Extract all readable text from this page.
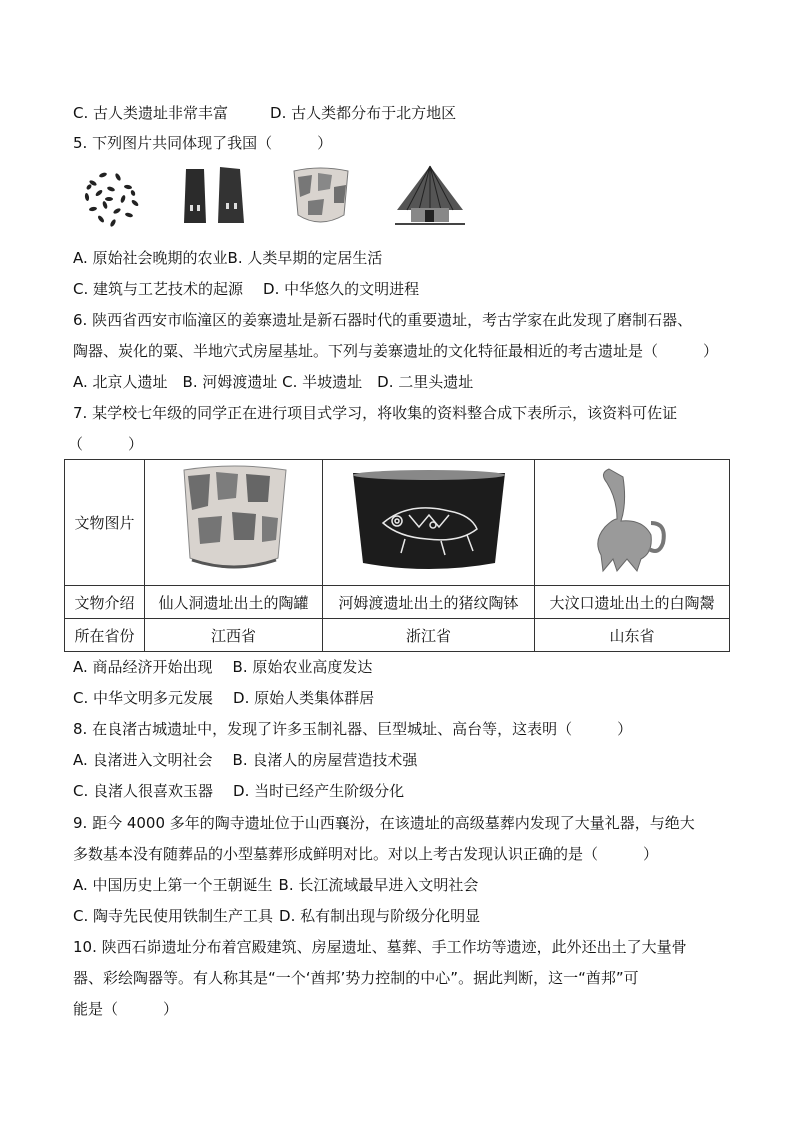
C. 古人类遗址非常丰富	D. 古人类都分布于北方地区
5. 下列图片共同体现了我国（　　　）
A. 原始社会晚期的农业B. 人类早期的定居生活
C. 建筑与工艺技术的起源 D. 中华悠久的文明进程
6. 陕西省西安市临潼区的姜寨遗址是新石器时代的重要遗址，考古学家在此发现了磨制石器、
陶器、炭化的粟、半地穴式房屋基址。下列与姜寨遗址的文化特征最相近的考古遗址是（　　　）
A. 北京人遗址　B. 河姆渡遗址 C. 半坡遗址　D. 二里头遗址
7. 某学校七年级的同学正在进行项目式学习，将收集的资料整合成下表所示，该资料可佐证
（　　　）
文物图片			
文物介绍	仙人洞遗址出土的陶罐	河姆渡遗址出土的猪纹陶钵	大汶口遗址出土的白陶鬶
所在省份	江西省	浙江省	山东省
A. 商品经济开始出现 B. 原始农业高度发达
C. 中华文明多元发展 D. 原始人类集体群居
8. 在良渚古城遗址中，发现了许多玉制礼器、巨型城址、高台等，这表明（　　　）
A. 良渚进入文明社会 B. 良渚人的房屋营造技术强
C. 良渚人很喜欢玉器 D. 当时已经产生阶级分化
9. 距今 4000 多年的陶寺遗址位于山西襄汾，在该遗址的高级墓葬内发现了大量礼器，与绝大
多数基本没有随葬品的小型墓葬形成鲜明对比。对以上考古发现认识正确的是（　　　）
A. 中国历史上第一个王朝诞生 B. 长江流域最早进入文明社会
C. 陶寺先民使用铁制生产工具 D. 私有制出现与阶级分化明显
10. 陕西石峁遗址分布着宫殿建筑、房屋遗址、墓葬、手工作坊等遗迹，此外还出土了大量骨
器、彩绘陶器等。有人称其是“一个‘酋邦’势力控制的中心”。据此判断，这一“酋邦”可
能是（　　　）
